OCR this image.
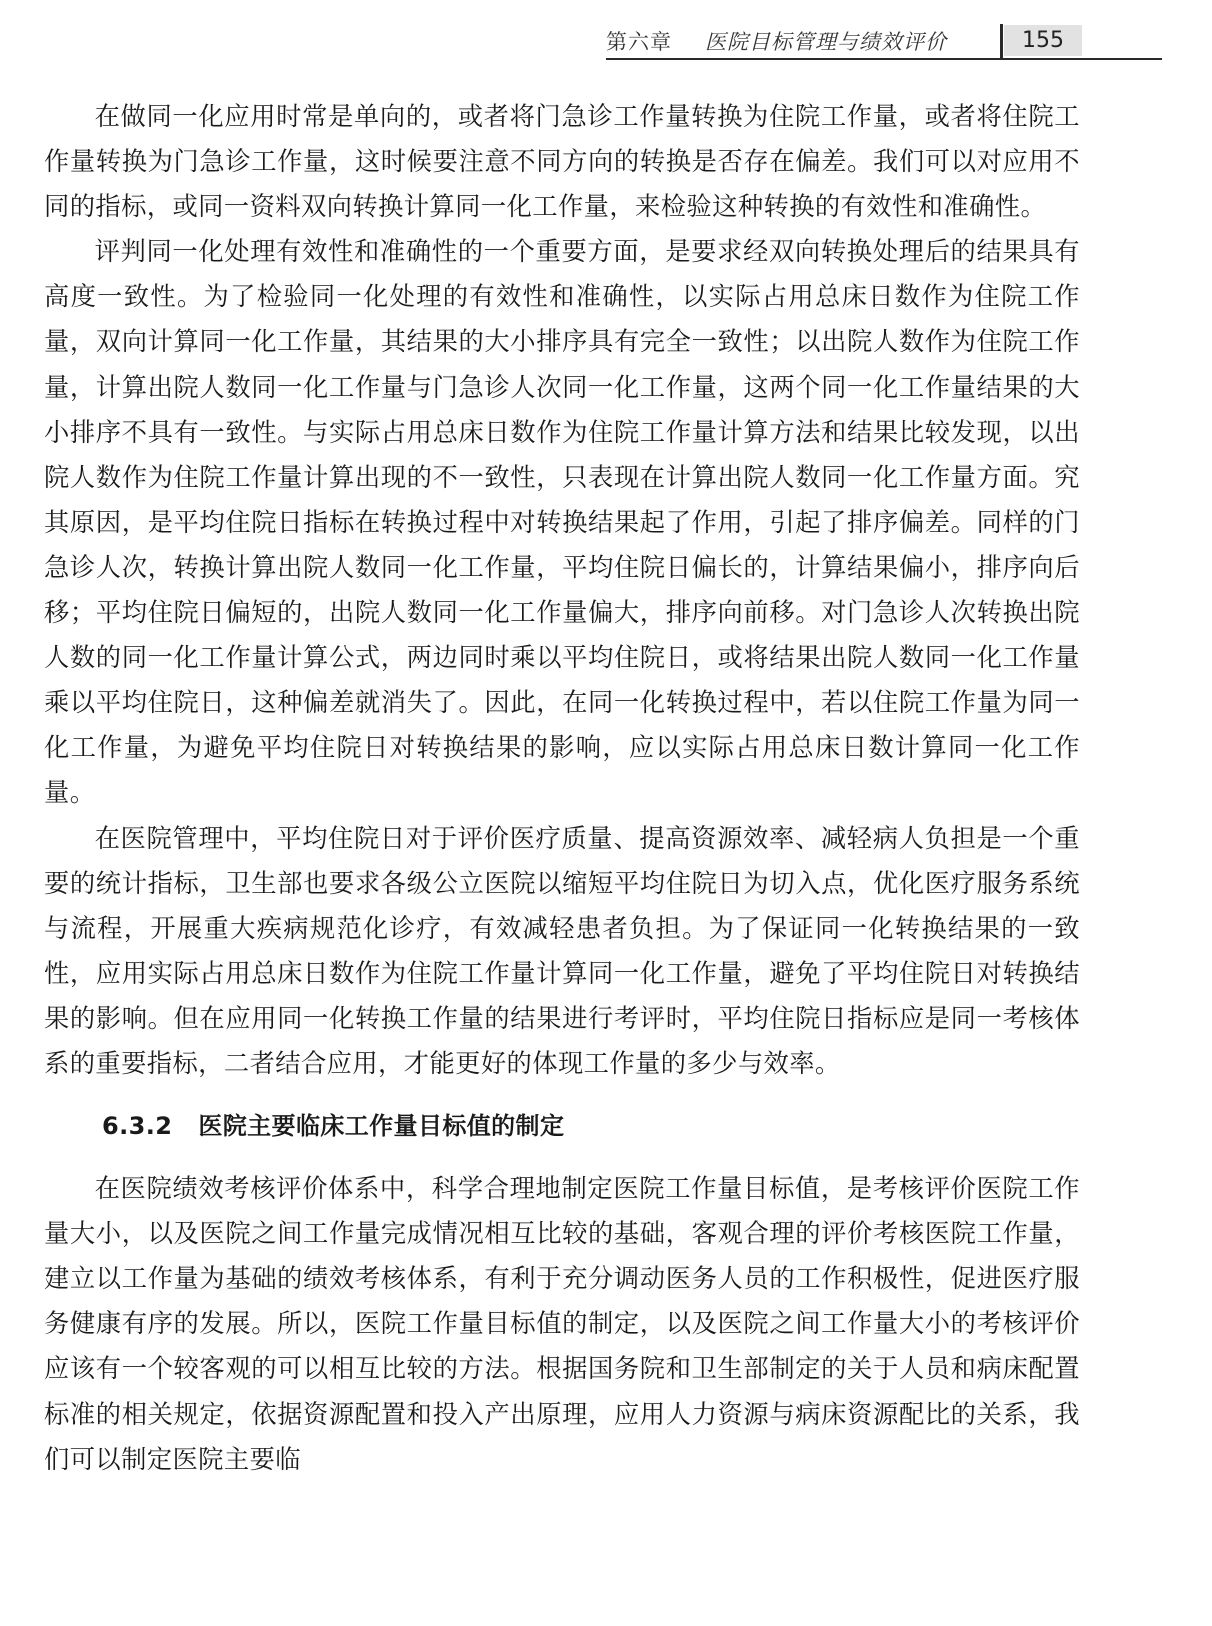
第六章 医院目标管理与绩效评价	155

在做同一化应用时常是单向的，或者将门急诊工作量转换为住院工作量，或者将住院工作量转换为门急诊工作量，这时候要注意不同方向的转换是否存在偏差。我们可以对应用不同的指标，或同一资料双向转换计算同一化工作量，来检验这种转换的有效性和准确性。

评判同一化处理有效性和准确性的一个重要方面，是要求经双向转换处理后的结果具有高度一致性。为了检验同一化处理的有效性和准确性，以实际占用总床日数作为住院工作量，双向计算同一化工作量，其结果的大小排序具有完全一致性；以出院人数作为住院工作量，计算出院人数同一化工作量与门急诊人次同一化工作量，这两个同一化工作量结果的大小排序不具有一致性。与实际占用总床日数作为住院工作量计算方法和结果比较发现，以出院人数作为住院工作量计算出现的不一致性，只表现在计算出院人数同一化工作量方面。究其原因，是平均住院日指标在转换过程中对转换结果起了作用，引起了排序偏差。同样的门急诊人次，转换计算出院人数同一化工作量，平均住院日偏长的，计算结果偏小，排序向后移；平均住院日偏短的，出院人数同一化工作量偏大，排序向前移。对门急诊人次转换出院人数的同一化工作量计算公式，两边同时乘以平均住院日，或将结果出院人数同一化工作量乘以平均住院日，这种偏差就消失了。因此，在同一化转换过程中，若以住院工作量为同一化工作量，为避免平均住院日对转换结果的影响，应以实际占用总床日数计算同一化工作量。

在医院管理中，平均住院日对于评价医疗质量、提高资源效率、减轻病人负担是一个重要的统计指标，卫生部也要求各级公立医院以缩短平均住院日为切入点，优化医疗服务系统与流程，开展重大疾病规范化诊疗，有效减轻患者负担。为了保证同一化转换结果的一致性，应用实际占用总床日数作为住院工作量计算同一化工作量，避免了平均住院日对转换结果的影响。但在应用同一化转换工作量的结果进行考评时，平均住院日指标应是同一考核体系的重要指标，二者结合应用，才能更好的体现工作量的多少与效率。

6.3.2 医院主要临床工作量目标值的制定

在医院绩效考核评价体系中，科学合理地制定医院工作量目标值，是考核评价医院工作量大小，以及医院之间工作量完成情况相互比较的基础，客观合理的评价考核医院工作量，建立以工作量为基础的绩效考核体系，有利于充分调动医务人员的工作积极性，促进医疗服务健康有序的发展。所以，医院工作量目标值的制定，以及医院之间工作量大小的考核评价应该有一个较客观的可以相互比较的方法。根据国务院和卫生部制定的关于人员和病床配置标准的相关规定，依据资源配置和投入产出原理，应用人力资源与病床资源配比的关系，我们可以制定医院主要临
